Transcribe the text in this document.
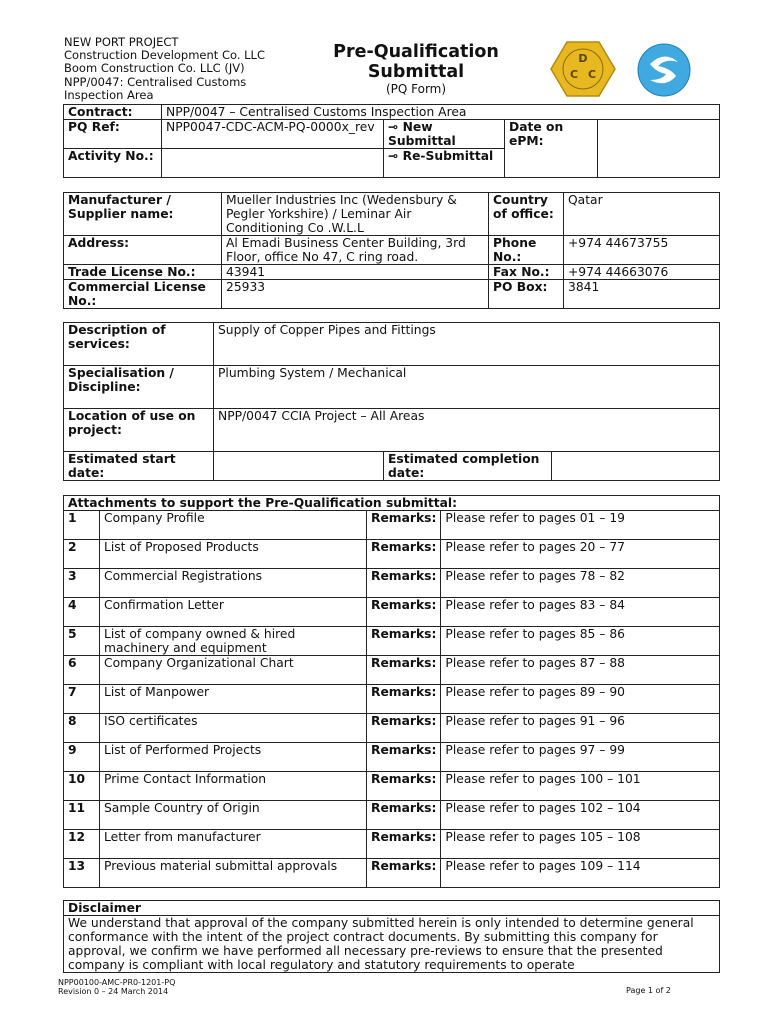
NEW PORT PROJECT
Construction Development Co. LLC
Boom Construction Co. LLC (JV)
NPP/0047: Centralised Customs
Inspection Area
Pre-Qualification
Submittal
(PQ Form)
D
C C
Contract:	NPP/0047 – Centralised Customs Inspection Area			
PQ Ref:	NPP0047-CDC-ACM-PQ-0000x_rev	⊸ New Submittal	Date on ePM:	
Activity No.:		⊸ Re-Submittal		
Manufacturer / Supplier name:	Mueller Industries Inc (Wedensbury & Pegler Yorkshire) / Leminar Air Conditioning Co .W.L.L	Country of office:	Qatar
Address:	Al Emadi Business Center Building, 3rd Floor, office No 47, C ring road.	Phone No.:	+974 44673755
Trade License No.:	43941	Fax No.:	+974 44663076
Commercial License No.:	25933	PO Box:	3841
Description of services:	Supply of Copper Pipes and Fittings		
Specialisation / Discipline:	Plumbing System / Mechanical		
Location of use on project:	NPP/0047 CCIA Project – All Areas		
Estimated start date:		Estimated completion date:	
Attachments to support the Pre-Qualification submittal:			
1	Company Profile	Remarks:	Please refer to pages 01 – 19
2	List of Proposed Products	Remarks:	Please refer to pages 20 – 77
3	Commercial Registrations	Remarks:	Please refer to pages 78 – 82
4	Confirmation Letter	Remarks:	Please refer to pages 83 – 84
5	List of company owned & hired machinery and equipment	Remarks:	Please refer to pages 85 – 86
6	Company Organizational Chart	Remarks:	Please refer to pages 87 – 88
7	List of Manpower	Remarks:	Please refer to pages 89 – 90
8	ISO certificates	Remarks:	Please refer to pages 91 – 96
9	List of Performed Projects	Remarks:	Please refer to pages 97 – 99
10	Prime Contact Information	Remarks:	Please refer to pages 100 – 101
11	Sample Country of Origin	Remarks:	Please refer to pages 102 – 104
12	Letter from manufacturer	Remarks:	Please refer to pages 105 – 108
13	Previous material submittal approvals	Remarks:	Please refer to pages 109 – 114
Disclaimer
We understand that approval of the company submitted herein is only intended to determine general conformance with the intent of the project contract documents. By submitting this company for approval, we confirm we have performed all necessary pre-reviews to ensure that the presented company is compliant with local regulatory and statutory requirements to operate
NPP00100-AMC-PR0-1201-PQ
Revision 0 – 24 March 2014	Page 1 of 2
